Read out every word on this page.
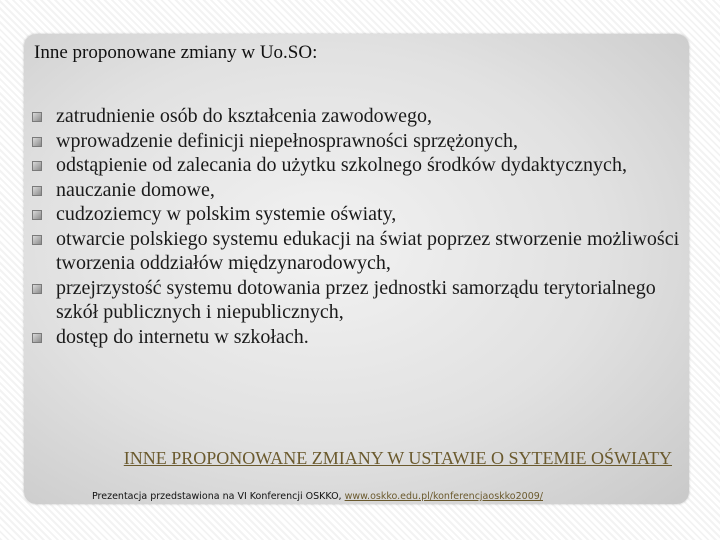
Inne proponowane zmiany w Uo.SO:
zatrudnienie osób do kształcenia zawodowego,
wprowadzenie definicji niepełnosprawności sprzężonych,
odstąpienie od zalecania do użytku szkolnego środków dydaktycznych,
nauczanie domowe,
cudzoziemcy w polskim systemie oświaty,
otwarcie polskiego systemu edukacji na świat poprzez stworzenie możliwości tworzenia oddziałów międzynarodowych,
przejrzystość systemu dotowania przez jednostki samorządu terytorialnego szkół publicznych i niepublicznych,
dostęp do internetu w szkołach.
INNE PROPONOWANE ZMIANY W USTAWIE O SYTEMIE OŚWIATY
Prezentacja przedstawiona na VI Konferencji OSKKO, www.oskko.edu.pl/konferencjaoskko2009/
